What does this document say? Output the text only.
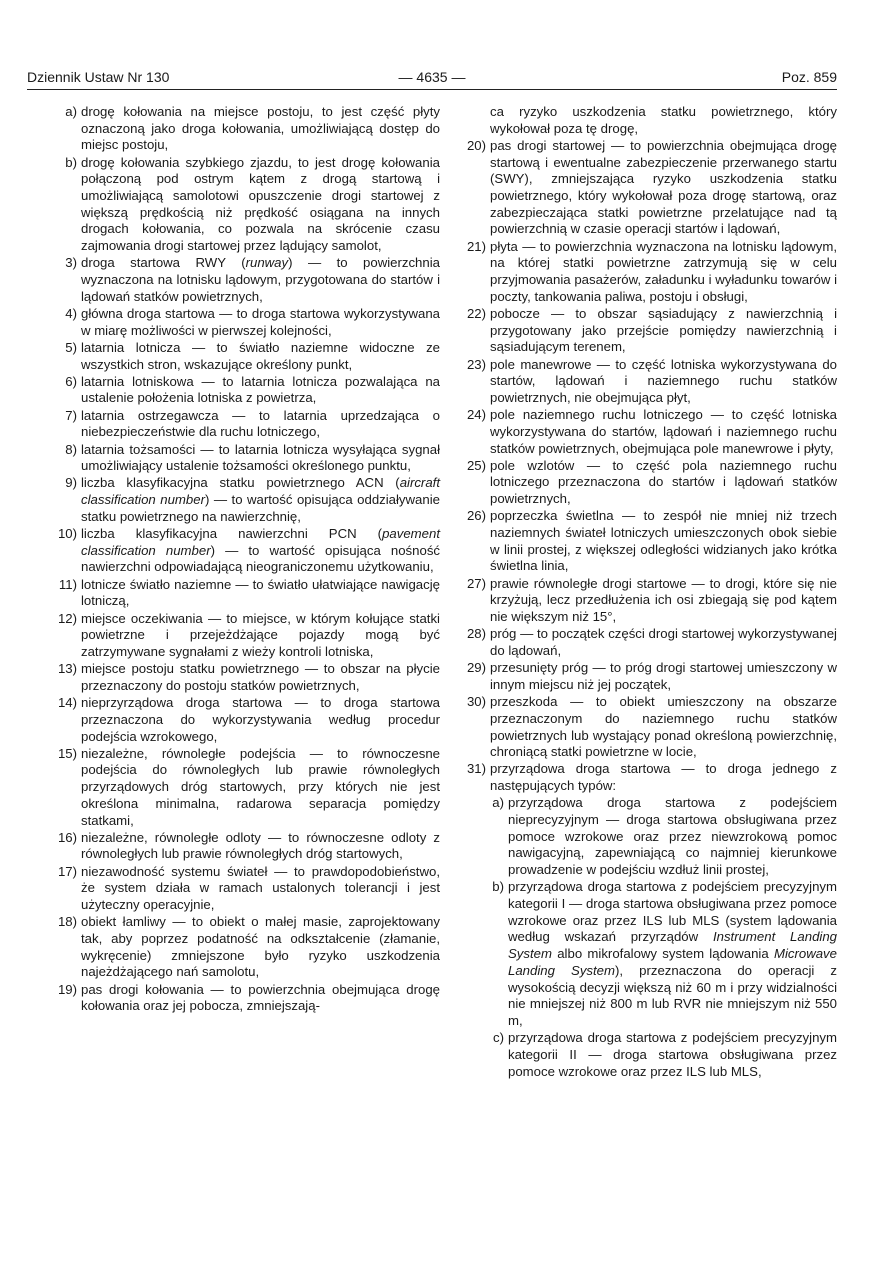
Dziennik Ustaw Nr 130	— 4635 —	Poz. 859
a) drogę kołowania na miejsce postoju, to jest część płyty oznaczoną jako droga kołowania, umożliwiającą dostęp do miejsc postoju,
b) drogę kołowania szybkiego zjazdu, to jest drogę kołowania połączoną pod ostrym kątem z drogą startową i umożliwiającą samolotowi opuszczenie drogi startowej z większą prędkością niż prędkość osiągana na innych drogach kołowania, co pozwala na skrócenie czasu zajmowania drogi startowej przez lądujący samolot,
3) droga startowa RWY (runway) — to powierzchnia wyznaczona na lotnisku lądowym, przygotowana do startów i lądowań statków powietrznych,
4) główna droga startowa — to droga startowa wykorzystywana w miarę możliwości w pierwszej kolejności,
5) latarnia lotnicza — to światło naziemne widoczne ze wszystkich stron, wskazujące określony punkt,
6) latarnia lotniskowa — to latarnia lotnicza pozwalająca na ustalenie położenia lotniska z powietrza,
7) latarnia ostrzegawcza — to latarnia uprzedzająca o niebezpieczeństwie dla ruchu lotniczego,
8) latarnia tożsamości — to latarnia lotnicza wysyłająca sygnał umożliwiający ustalenie tożsamości określonego punktu,
9) liczba klasyfikacyjna statku powietrznego ACN (aircraft classification number) — to wartość opisująca oddziaływanie statku powietrznego na nawierzchnię,
10) liczba klasyfikacyjna nawierzchni PCN (pavement classification number) — to wartość opisująca nośność nawierzchni odpowiadającą nieograniczonemu użytkowaniu,
11) lotnicze światło naziemne — to światło ułatwiające nawigację lotniczą,
12) miejsce oczekiwania — to miejsce, w którym kołujące statki powietrzne i przejeżdżające pojazdy mogą być zatrzymywane sygnałami z wieży kontroli lotniska,
13) miejsce postoju statku powietrznego — to obszar na płycie przeznaczony do postoju statków powietrznych,
14) nieprzyrządowa droga startowa — to droga startowa przeznaczona do wykorzystywania według procedur podejścia wzrokowego,
15) niezależne, równoległe podejścia — to równoczesne podejścia do równoległych lub prawie równoległych przyrządowych dróg startowych, przy których nie jest określona minimalna, radarowa separacja pomiędzy statkami,
16) niezależne, równoległe odloty — to równoczesne odloty z równoległych lub prawie równoległych dróg startowych,
17) niezawodność systemu świateł — to prawdopodobieństwo, że system działa w ramach ustalonych tolerancji i jest użyteczny operacyjnie,
18) obiekt łamliwy — to obiekt o małej masie, zaprojektowany tak, aby poprzez podatność na odkształcenie (złamanie, wykręcenie) zmniejszone było ryzyko uszkodzenia najeżdżającego nań samolotu,
19) pas drogi kołowania — to powierzchnia obejmująca drogę kołowania oraz jej pobocza, zmniejszają-
ca ryzyko uszkodzenia statku powietrznego, który wykołował poza tę drogę,
20) pas drogi startowej — to powierzchnia obejmująca drogę startową i ewentualne zabezpieczenie przerwanego startu (SWY), zmniejszająca ryzyko uszkodzenia statku powietrznego, który wykołował poza drogę startową, oraz zabezpieczająca statki powietrzne przelatujące nad tą powierzchnią w czasie operacji startów i lądowań,
21) płyta — to powierzchnia wyznaczona na lotnisku lądowym, na której statki powietrzne zatrzymują się w celu przyjmowania pasażerów, załadunku i wyładunku towarów i poczty, tankowania paliwa, postoju i obsługi,
22) pobocze — to obszar sąsiadujący z nawierzchnią i przygotowany jako przejście pomiędzy nawierzchnią i sąsiadującym terenem,
23) pole manewrowe — to część lotniska wykorzystywana do startów, lądowań i naziemnego ruchu statków powietrznych, nie obejmująca płyt,
24) pole naziemnego ruchu lotniczego — to część lotniska wykorzystywana do startów, lądowań i naziemnego ruchu statków powietrznych, obejmująca pole manewrowe i płyty,
25) pole wzlotów — to część pola naziemnego ruchu lotniczego przeznaczona do startów i lądowań statków powietrznych,
26) poprzeczka świetlna — to zespół nie mniej niż trzech naziemnych świateł lotniczych umieszczonych obok siebie w linii prostej, z większej odległości widzianych jako krótka świetlna linia,
27) prawie równoległe drogi startowe — to drogi, które się nie krzyżują, lecz przedłużenia ich osi zbiegają się pod kątem nie większym niż 15°,
28) próg — to początek części drogi startowej wykorzystywanej do lądowań,
29) przesunięty próg — to próg drogi startowej umieszczony w innym miejscu niż jej początek,
30) przeszkoda — to obiekt umieszczony na obszarze przeznaczonym do naziemnego ruchu statków powietrznych lub wystający ponad określoną powierzchnię, chroniącą statki powietrzne w locie,
31) przyrządowa droga startowa — to droga jednego z następujących typów:
a) przyrządowa droga startowa z podejściem nieprecyzyjnym — droga startowa obsługiwana przez pomoce wzrokowe oraz przez niewzrokową pomoc nawigacyjną, zapewniającą co najmniej kierunkowe prowadzenie w podejściu wzdłuż linii prostej,
b) przyrządowa droga startowa z podejściem precyzyjnym kategorii I — droga startowa obsługiwana przez pomoce wzrokowe oraz przez ILS lub MLS (system lądowania według wskazań przyrządów Instrument Landing System albo mikrofalowy system lądowania Microwave Landing System), przeznaczona do operacji z wysokością decyzji większą niż 60 m i przy widzialności nie mniejszej niż 800 m lub RVR nie mniejszym niż 550 m,
c) przyrządowa droga startowa z podejściem precyzyjnym kategorii II — droga startowa obsługiwana przez pomoce wzrokowe oraz przez ILS lub MLS,
